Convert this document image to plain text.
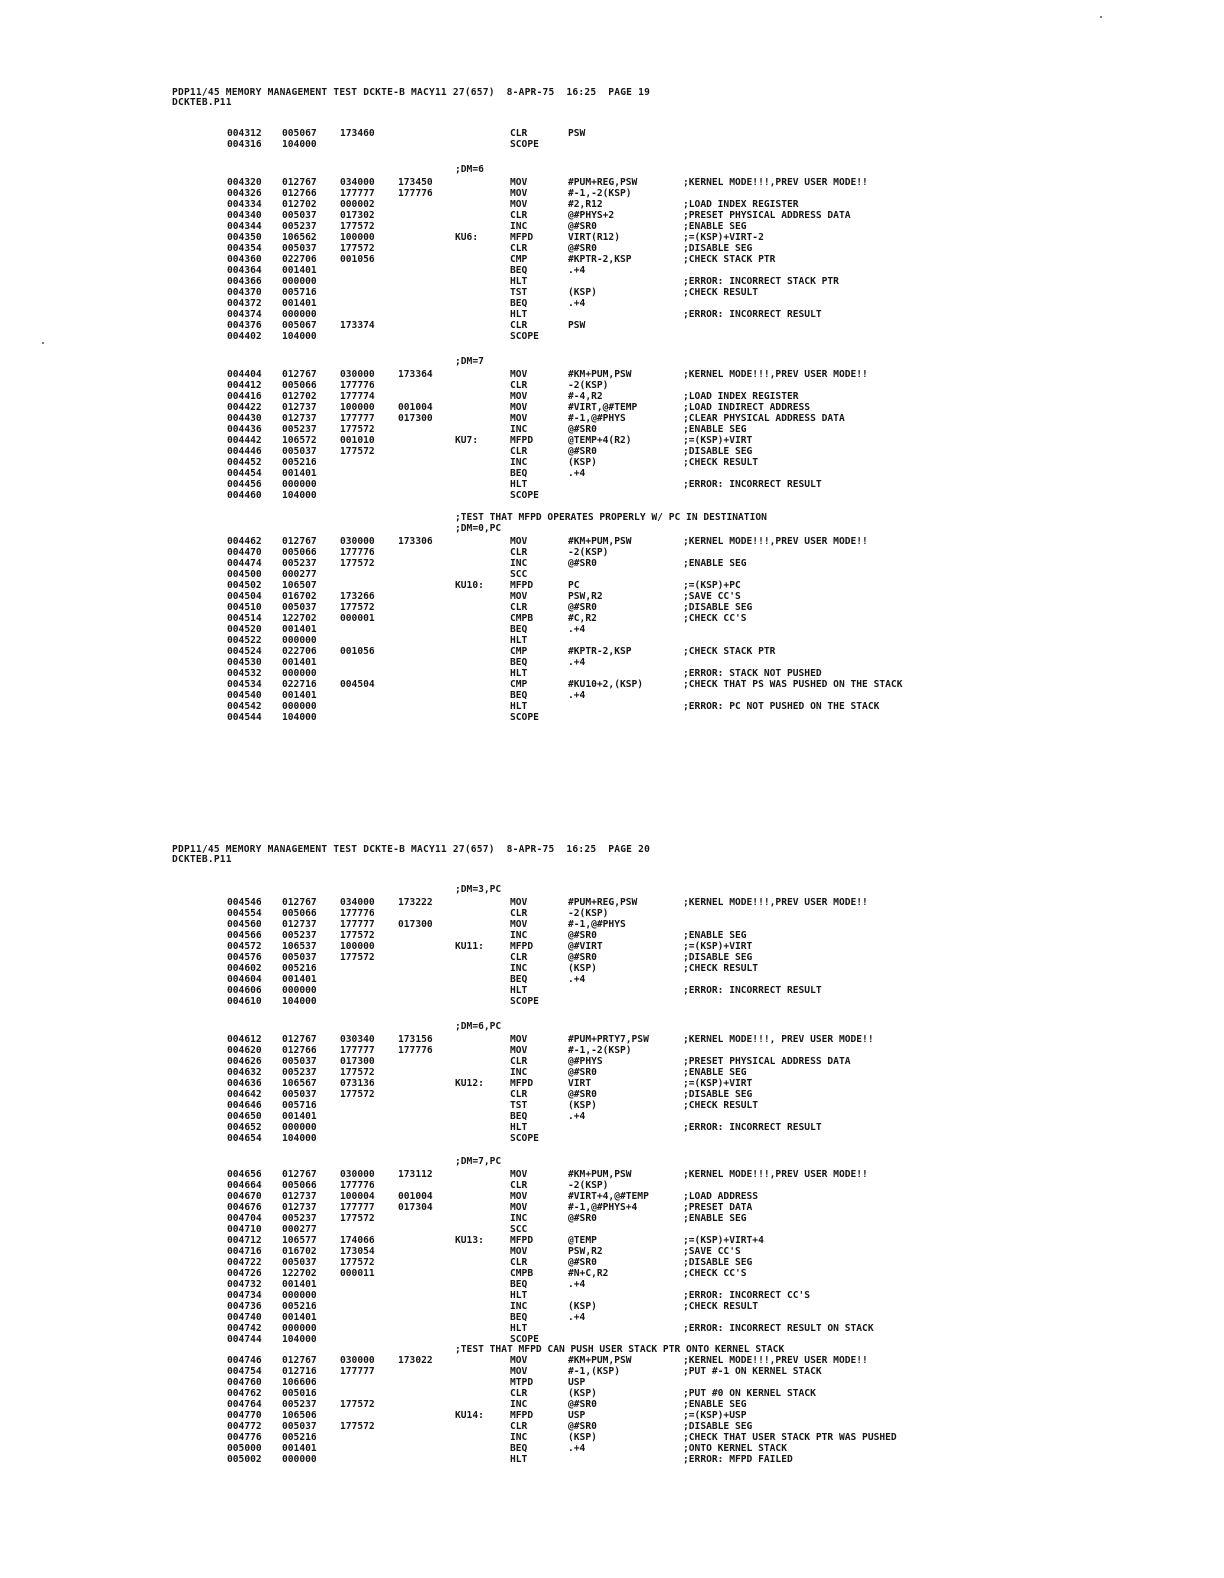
PDP11/45 MEMORY MANAGEMENT TEST DCKTE-B MACY11 27(657)  8-APR-75  16:25  PAGE 19
DCKTEB.P11
PDP11/45 MEMORY MANAGEMENT TEST DCKTE-B MACY11 27(657)  8-APR-75  16:25  PAGE 20
DCKTEB.P11
004312 005067 173460	CLR	PSW
004316 104000	SCOPE
;DM=6
004320 012767 034000 173450	MOV	#PUM+REG,PSW	;KERNEL MODE!!!,PREV USER MODE!!
004326 012766 177777 177776	MOV	#-1,-2(KSP)
004334 012702 000002	MOV	#2,R12	;LOAD INDEX REGISTER
004340 005037 017302	CLR	@#PHYS+2	;PRESET PHYSICAL ADDRESS DATA
004344 005237 177572	INC	@#SR0	;ENABLE SEG
004350 106562 100000	KU6:	MFPD	VIRT(R12)	;=(KSP)+VIRT-2
004354 005037 177572	CLR	@#SR0	;DISABLE SEG
004360 022706 001056	CMP	#KPTR-2,KSP	;CHECK STACK PTR
004364 001401	BEQ	.+4
004366 000000	HLT	;ERROR: INCORRECT STACK PTR
004370 005716	TST	(KSP)	;CHECK RESULT
004372 001401	BEQ	.+4
004374 000000	HLT	;ERROR: INCORRECT RESULT
004376 005067 173374	CLR	PSW
004402 104000	SCOPE
;DM=7
004404 012767 030000 173364	MOV	#KM+PUM,PSW	;KERNEL MODE!!!,PREV USER MODE!!
004412 005066 177776	CLR	-2(KSP)
004416 012702 177774	MOV	#-4,R2	;LOAD INDEX REGISTER
004422 012737 100000 001004	MOV	#VIRT,@#TEMP	;LOAD INDIRECT ADDRESS
004430 012737 177777 017300	MOV	#-1,@#PHYS	;CLEAR PHYSICAL ADDRESS DATA
004436 005237 177572	INC	@#SR0	;ENABLE SEG
004442 106572 001010	KU7:	MFPD	@TEMP+4(R2)	;=(KSP)+VIRT
004446 005037 177572	CLR	@#SR0	;DISABLE SEG
004452 005216	INC	(KSP)	;CHECK RESULT
004454 001401	BEQ	.+4
004456 000000	HLT	;ERROR: INCORRECT RESULT
004460 104000	SCOPE
;TEST THAT MFPD OPERATES PROPERLY W/ PC IN DESTINATION
;DM=0,PC
004462 012767 030000 173306	MOV	#KM+PUM,PSW	;KERNEL MODE!!!,PREV USER MODE!!
004470 005066 177776	CLR	-2(KSP)
004474 005237 177572	INC	@#SR0	;ENABLE SEG
004500 000277	SCC
004502 106507	KU10:	MFPD	PC	;=(KSP)+PC
004504 016702 173266	MOV	PSW,R2	;SAVE CC'S
004510 005037 177572	CLR	@#SR0	;DISABLE SEG
004514 122702 000001	CMPB	#C,R2	;CHECK CC'S
004520 001401	BEQ	.+4
004522 000000	HLT
004524 022706 001056	CMP	#KPTR-2,KSP	;CHECK STACK PTR
004530 001401	BEQ	.+4
004532 000000	HLT	;ERROR: STACK NOT PUSHED
004534 022716 004504	CMP	#KU10+2,(KSP)	;CHECK THAT PS WAS PUSHED ON THE STACK
004540 001401	BEQ	.+4
004542 000000	HLT	;ERROR: PC NOT PUSHED ON THE STACK
004544 104000	SCOPE
;DM=3,PC
004546 012767 034000 173222	MOV	#PUM+REG,PSW	;KERNEL MODE!!!,PREV USER MODE!!
004554 005066 177776	CLR	-2(KSP)
004560 012737 177777 017300	MOV	#-1,@#PHYS
004566 005237 177572	INC	@#SR0	;ENABLE SEG
004572 106537 100000	KU11:	MFPD	@#VIRT	;=(KSP)+VIRT
004576 005037 177572	CLR	@#SR0	;DISABLE SEG
004602 005216	INC	(KSP)	;CHECK RESULT
004604 001401	BEQ	.+4
004606 000000	HLT	;ERROR: INCORRECT RESULT
004610 104000	SCOPE
;DM=6,PC
004612 012767 030340 173156	MOV	#PUM+PRTY7,PSW	;KERNEL MODE!!!, PREV USER MODE!!
004620 012766 177777 177776	MOV	#-1,-2(KSP)
004626 005037 017300	CLR	@#PHYS	;PRESET PHYSICAL ADDRESS DATA
004632 005237 177572	INC	@#SR0	;ENABLE SEG
004636 106567 073136	KU12:	MFPD	VIRT	;=(KSP)+VIRT
004642 005037 177572	CLR	@#SR0	;DISABLE SEG
004646 005716	TST	(KSP)	;CHECK RESULT
004650 001401	BEQ	.+4
004652 000000	HLT	;ERROR: INCORRECT RESULT
004654 104000	SCOPE
;DM=7,PC
004656 012767 030000 173112	MOV	#KM+PUM,PSW	;KERNEL MODE!!!,PREV USER MODE!!
004664 005066 177776	CLR	-2(KSP)
004670 012737 100004 001004	MOV	#VIRT+4,@#TEMP	;LOAD ADDRESS
004676 012737 177777 017304	MOV	#-1,@#PHYS+4	;PRESET DATA
004704 005237 177572	INC	@#SR0	;ENABLE SEG
004710 000277	SCC
004712 106577 174066	KU13:	MFPD	@TEMP	;=(KSP)+VIRT+4
004716 016702 173054	MOV	PSW,R2	;SAVE CC'S
004722 005037 177572	CLR	@#SR0	;DISABLE SEG
004726 122702 000011	CMPB	#N+C,R2	;CHECK CC'S
004732 001401	BEQ	.+4
004734 000000	HLT	;ERROR: INCORRECT CC'S
004736 005216	INC	(KSP)	;CHECK RESULT
004740 001401	BEQ	.+4
004742 000000	HLT	;ERROR: INCORRECT RESULT ON STACK
004744 104000	SCOPE
;TEST THAT MFPD CAN PUSH USER STACK PTR ONTO KERNEL STACK
004746 012767 030000 173022	MOV	#KM+PUM,PSW	;KERNEL MODE!!!,PREV USER MODE!!
004754 012716 177777	MOV	#-1,(KSP)	;PUT #-1 ON KERNEL STACK
004760 106606	MTPD	USP
004762 005016	CLR	(KSP)	;PUT #0 ON KERNEL STACK
004764 005237 177572	INC	@#SR0	;ENABLE SEG
004770 106506	KU14:	MFPD	USP	;=(KSP)+USP
004772 005037 177572	CLR	@#SR0	;DISABLE SEG
004776 005216	INC	(KSP)	;CHECK THAT USER STACK PTR WAS PUSHED
005000 001401	BEQ	.+4	;ONTO KERNEL STACK
005002 000000	HLT	;ERROR: MFPD FAILED
